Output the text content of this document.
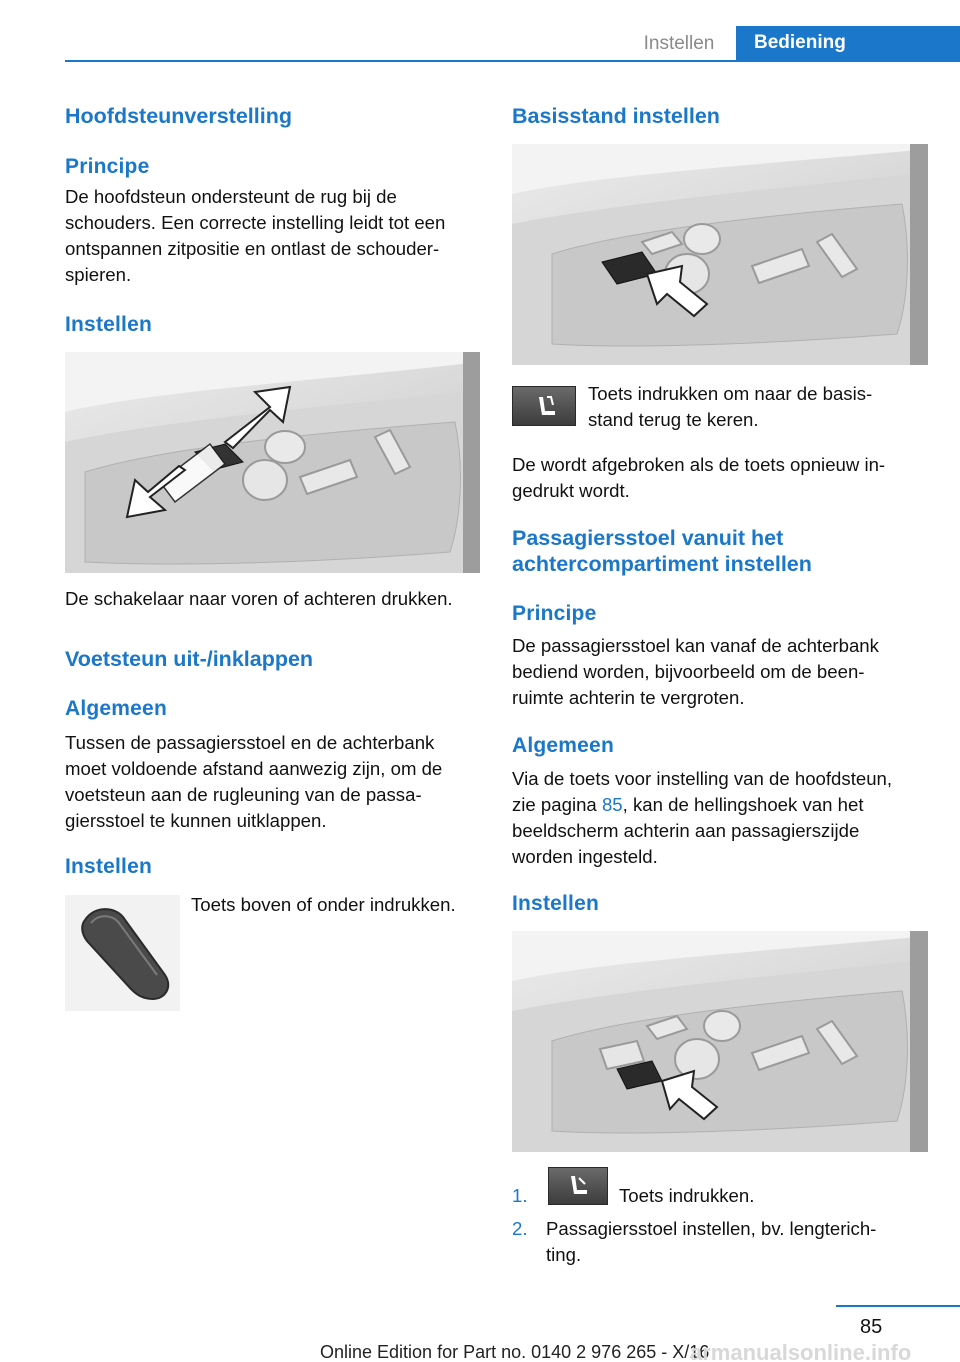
Instellen	Bediening
Hoofdsteunverstelling
Principe
De hoofdsteun ondersteunt de rug bij de
schouders. Een correcte instelling leidt tot een
ontspannen zitpositie en ontlast de schouder-
spieren.
Instellen
De schakelaar naar voren of achteren drukken.
Voetsteun uit-/inklappen
Algemeen
Tussen de passagiersstoel en de achterbank
moet voldoende afstand aanwezig zijn, om de
voetsteun aan de rugleuning van de passa-
giersstoel te kunnen uitklappen.
Instellen
Toets boven of onder indrukken.
Basisstand instellen
Toets indrukken om naar de basis-
stand terug te keren.
De wordt afgebroken als de toets opnieuw in-
gedrukt wordt.
Passagiersstoel vanuit het
achtercompartiment instellen
Principe
De passagiersstoel kan vanaf de achterbank
bediend worden, bijvoorbeeld om de been-
ruimte achterin te vergroten.
Algemeen
Via de toets voor instelling van de hoofdsteun,
zie pagina 85, kan de hellingshoek van het
beeldscherm achterin aan passagierszijde
worden ingesteld.
Instellen
1.	Toets indrukken.
2. Passagiersstoel instellen, bv. lengterich-
ting.
85
Online Edition for Part no. 0140 2 976 265 - X/16
armanualsonline.info
